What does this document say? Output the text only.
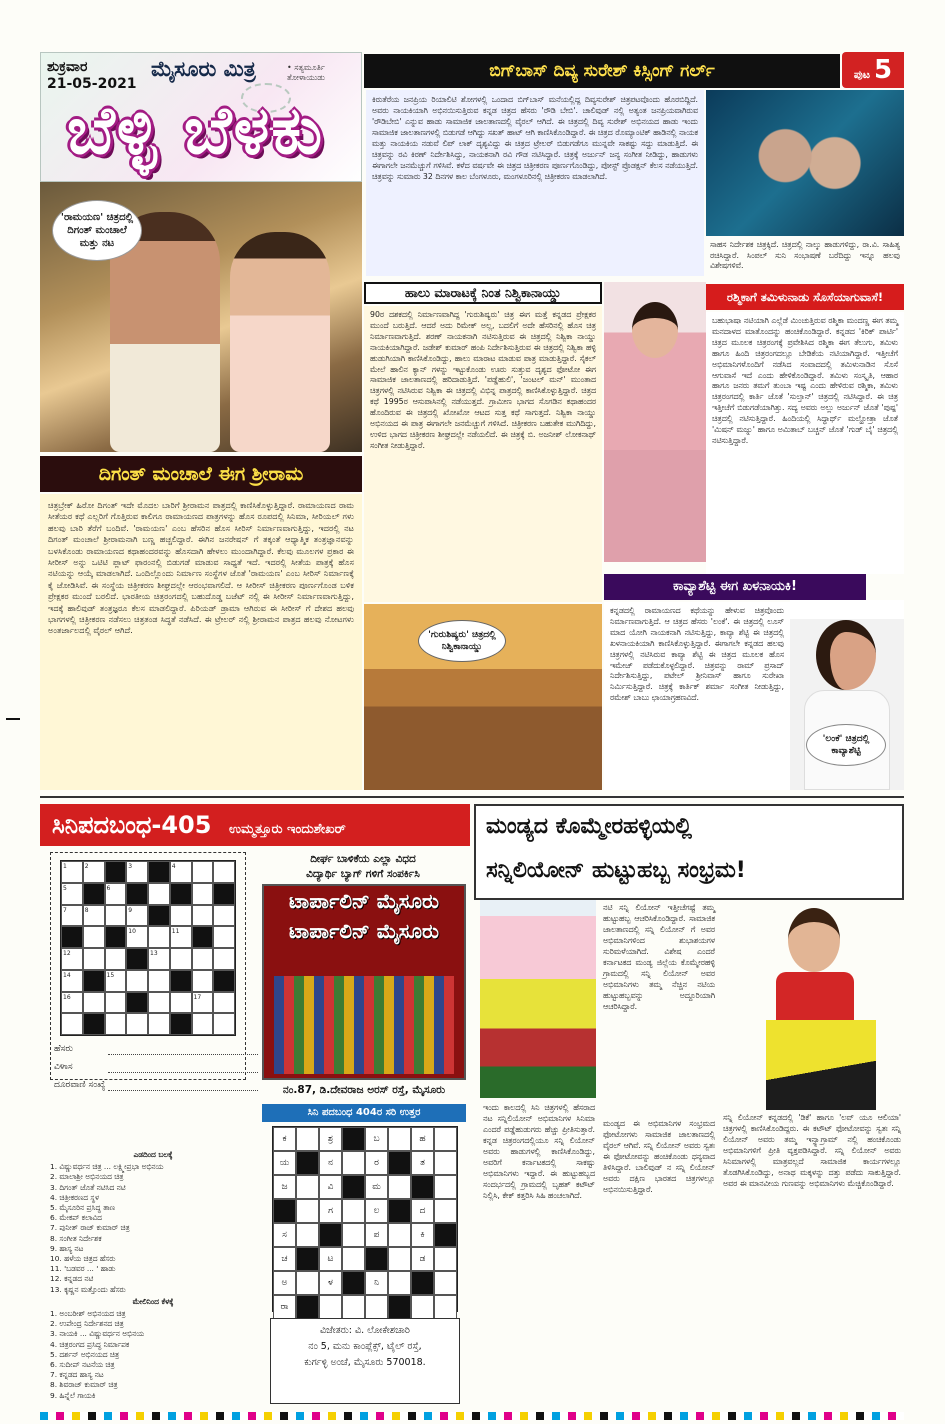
ಶುಕ್ರವಾರ
21-05-2021
ಮೈಸೂರು ಮಿತ್ರ	• ಸತ್ಯಮೂರ್ತಿ ತೋಳಾಯುಡು
ಬೆಳ್ಳಿ ಬೆಳಕು
'ರಾಮಯಣ' ಚಿತ್ರದಲ್ಲಿ ದಿಗಂತ್ ಮಂಚಾಲೆ ಮತ್ತು ನಟ
ದಿಗಂತ್ ಮಂಚಾಲೆ ಈಗ ಶ್ರೀರಾಮ
ಚಿತ್ರಬ್ರೇಕ್ ಹಿರೋ ದಿಗಂತ್ ಇದೇ ಮೊದಲ ಬಾರಿಗೆ ಶ್ರೀರಾಮನ ಪಾತ್ರದಲ್ಲಿ ಕಾಣಿಸಿಕೊಳ್ಳುತ್ತಿದ್ದಾರೆ. ರಾಮಾಯಣದ ರಾಮ ಸೀತೆಯರ ಕಥೆ ಎಲ್ಲರಿಗೆ ಗೊತ್ತಿರುವ ಕಾಲಿಗೂ ರಾಮಾಯಣದ ಪಾತ್ರಗಳನ್ನು ಹೊಸ ರೂಪದಲ್ಲಿ ಸಿನಿಮಾ, ಸೀರಿಯಲ್ ಗಳು ಹಲವು ಬಾರಿ ತೆರೆಗೆ ಬಂದಿವೆ. 'ರಾಮಯಣ' ಎಂಬ ಹೆಸರಿನ ಹೊಸ ಸೀರಿಸ್ ನಿರ್ಮಾಣವಾಗುತ್ತಿದ್ದು, ಇದರಲ್ಲಿ ನಟ ದಿಗಂತ್ ಮಂಚಾಲೆ ಶ್ರೀರಾಮನಾಗಿ ಬಣ್ಣ ಹಚ್ಚಲಿದ್ದಾರೆ. ಈಗಿನ ಜನರೇಷನ್ ಗೆ ತಕ್ಕಂತೆ ಆಧ್ಯಾತ್ಮಿಕ ತಂತ್ರಜ್ಞಾನವನ್ನು ಬಳಸಿಕೊಂಡು ರಾಮಾಯಣದ ಕಥಾಹಂದರವನ್ನು ಹೊಸದಾಗಿ ಹೇಳಲು ಮುಂದಾಗಿದ್ದಾರೆ. ಕೆಲವು ಮೂಲಗಳ ಪ್ರಕಾರ ಈ ಸೀರೀಸ್ ಅನ್ನು ಒಟಿಟಿ ಪ್ಲಾಟ್ ಫಾರಂನಲ್ಲಿ ಬಿಡುಗಡೆ ಮಾಡುವ ಸಾಧ್ಯತೆ ಇದೆ. ಇದರಲ್ಲಿ ಸೀತೆಯ ಪಾತ್ರಕ್ಕೆ ಹೊಸ ನಟಿಯನ್ನು ಆಯ್ಕೆ ಮಾಡಲಾಗಿದೆ. ಒಂದಿಲ್ಲೊಂದು ನಿರ್ಮಾಣ ಸಂಸ್ಥೆಗಳ ಜೊತೆ 'ರಾಮಯಣ' ಎಂಬ ಸೀರಿಸ್ ನಿರ್ಮಾಣಕ್ಕೆ ಕೈ ಜೋಡಿಸಿವೆ. ಈ ಸಂಸ್ಥೆಯ ಚಿತ್ರೀಕರಣ ಶೀಘ್ರದಲ್ಲೇ ಆರಂಭವಾಗಲಿದೆ. ಆ ಸೀರೀಸ್ ಚಿತ್ರೀಕರಣ ಪೂರ್ಣಗೊಂಡ ಬಳಿಕ ಪ್ರೇಕ್ಷಕರ ಮುಂದೆ ಬರಲಿದೆ. ಭಾರತೀಯ ಚಿತ್ರರಂಗದಲ್ಲಿ ಬಹುದೊಡ್ಡ ಬಜೆಟ್ ನಲ್ಲಿ ಈ ಸೀರೀಸ್ ನಿರ್ಮಾಣವಾಗುತ್ತಿದ್ದು, ಇದಕ್ಕೆ ಹಾಲಿವುಡ್ ತಂತ್ರಜ್ಞರೂ ಕೆಲಸ ಮಾಡಲಿದ್ದಾರೆ. ಪಿರಿಯಡ್ ಡ್ರಾಮಾ ಆಗಿರುವ ಈ ಸೀರೀಸ್ ಗೆ ದೇಶದ ಹಲವು ಭಾಗಗಳಲ್ಲಿ ಚಿತ್ರೀಕರಣ ನಡೆಸಲು ಚಿತ್ರತಂಡ ಸಿದ್ಧತೆ ನಡೆಸಿದೆ. ಈ ಟ್ರೇಲರ್ ನಲ್ಲಿ ಶ್ರೀರಾಮನ ಪಾತ್ರದ ಹಲವು ನೋಟಗಳು ಅಂತರ್ಜಾಲದಲ್ಲಿ ವೈರಲ್ ಆಗಿದೆ.
ಬಿಗ್‌ಬಾಸ್ ದಿವ್ಯ ಸುರೇಶ್ ಕಿಸ್ಸಿಂಗ್ ಗರ್ಲ್	ಪುಟ 5
ಕಿರುತೆರೆಯ ಜನಪ್ರಿಯ ರಿಯಾಲಿಟಿ ಶೋಗಳಲ್ಲಿ ಒಂದಾದ ಬಿಗ್‌ಬಾಸ್ ಮನೆಯಲ್ಲಿದ್ದ ದಿವ್ಯಸುರೇಶ್ ಚಿತ್ರಪಟವೊಂದು ಹೊರಬಿದ್ದಿದೆ. ಅವರು ನಾಯಕಿಯಾಗಿ ಅಭಿನಯಿಸುತ್ತಿರುವ ಕನ್ನಡ ಚಿತ್ರದ ಹೆಸರು 'ರೌಡಿ ಬೇಬಿ'. ಚಾಲಿವುಡ್ ನಲ್ಲಿ ಅತ್ಯಂತ ಜನಪ್ರಿಯವಾಗಿರುವ 'ರೌಡಿಬೇಬಿ' ಎನ್ನುವ ಹಾಡು ಸಾಮಾಜಿಕ ಜಾಲತಾಣದಲ್ಲಿ ವೈರಲ್ ಆಗಿದೆ. ಈ ಚಿತ್ರದಲ್ಲಿ ದಿವ್ಯ ಸುರೇಶ್ ಅಭಿನಯದ ಹಾಡು ಇಂದು ಸಾಮಾಜಿಕ ಜಾಲತಾಣಗಳಲ್ಲಿ ಬಿಡುಗಡೆ ಆಗಿದ್ದು ಸಖತ್ ಹಾಟ್ ಆಗಿ ಕಾಣಿಸಿಕೊಂಡಿದ್ದಾರೆ. ಈ ಚಿತ್ರದ ರೊಮ್ಯಾಂಟಿಕ್ ಹಾಡಿನಲ್ಲಿ ನಾಯಕ ಮತ್ತು ನಾಯಕಿಯ ನಡುವೆ ಲಿಪ್ ಲಾಕ್ ದೃಶ್ಯವಿದ್ದು ಈ ಚಿತ್ರದ ಟ್ರೇಲರ್ ಬಿಡುಗಡೆಗೂ ಮುನ್ನವೇ ಸಾಕಷ್ಟು ಸದ್ದು ಮಾಡುತ್ತಿದೆ. ಈ ಚಿತ್ರವನ್ನು ರವಿ ಕಿರಣ್ ನಿರ್ದೇಶಿಸಿದ್ದು, ನಾಯಕನಾಗಿ ರವಿ ಗೌಡ ನಟಿಸಿದ್ದಾರೆ. ಚಿತ್ರಕ್ಕೆ ಅರ್ಜುನ್ ಜನ್ಯ ಸಂಗೀತ ನೀಡಿದ್ದು, ಹಾಡುಗಳು ಈಗಾಗಲೇ ಜನಮೆಚ್ಚುಗೆ ಗಳಿಸಿವೆ. ಕಳೆದ ವರ್ಷವೇ ಈ ಚಿತ್ರದ ಚಿತ್ರೀಕರಣ ಪೂರ್ಣಗೊಂಡಿದ್ದು, ಪೋಸ್ಟ್ ಪ್ರೊಡಕ್ಷನ್ ಕೆಲಸ ನಡೆಯುತ್ತಿದೆ. ಚಿತ್ರವನ್ನು ಸುಮಾರು 32 ದಿನಗಳ ಕಾಲ ಬೆಂಗಳೂರು, ಮಂಗಳೂರಿನಲ್ಲಿ ಚಿತ್ರೀಕರಣ ಮಾಡಲಾಗಿದೆ.
ಸಾಹಸ ನಿರ್ದೇಶಕ ಚಿತ್ರಕ್ಕಿದೆ. ಚಿತ್ರದಲ್ಲಿ ನಾಲ್ಕು ಹಾಡುಗಳಿದ್ದು, ರಾ.ವಿ. ಸಾಹಿತ್ಯ ರಚಿಸಿದ್ದಾರೆ. ಸಿಂಪಲ್ ಸುನಿ ಸಂಭಾಷಣೆ ಬರೆದಿದ್ದು ಇನ್ನೂ ಹಲವು ವಿಶೇಷಗಳಿವೆ.
ಹಾಲು ಮಾರಾಟಕ್ಕೆ ನಿಂತ ನಿಶ್ವಿಕಾನಾಯ್ಡು
90ರ ದಶಕದಲ್ಲಿ ನಿರ್ಮಾಣವಾಗಿದ್ದ 'ಗುರುಶಿಷ್ಯರು' ಚಿತ್ರ ಈಗ ಮತ್ತೆ ಕನ್ನಡದ ಪ್ರೇಕ್ಷಕರ ಮುಂದೆ ಬರುತ್ತಿದೆ. ಆದರೆ ಅದು ರಿಮೇಕ್ ಅಲ್ಲ, ಬದಲಿಗೆ ಅದೇ ಹೆಸರಿನಲ್ಲಿ ಹೊಸ ಚಿತ್ರ ನಿರ್ಮಾಣವಾಗುತ್ತಿದೆ. ಶರಣ್ ನಾಯಕನಾಗಿ ನಟಿಸುತ್ತಿರುವ ಈ ಚಿತ್ರದಲ್ಲಿ ನಿಶ್ವಿಕಾ ನಾಯ್ಡು ನಾಯಕಿಯಾಗಿದ್ದಾರೆ. ಜಡೇಶ್ ಕುಮಾರ್ ಹಂಪಿ ನಿರ್ದೇಶಿಸುತ್ತಿರುವ ಈ ಚಿತ್ರದಲ್ಲಿ ನಿಶ್ವಿಕಾ ಹಳ್ಳಿ ಹುಡುಗಿಯಾಗಿ ಕಾಣಿಸಿಕೊಂಡಿದ್ದು, ಹಾಲು ಮಾರಾಟ ಮಾಡುವ ಪಾತ್ರ ಮಾಡುತ್ತಿದ್ದಾರೆ. ಸೈಕಲ್ ಮೇಲೆ ಹಾಲಿನ ಕ್ಯಾನ್ ಗಳನ್ನು ಇಟ್ಟುಕೊಂಡು ಊರು ಸುತ್ತುವ ದೃಶ್ಯದ ಫೋಟೋ ಈಗ ಸಾಮಾಜಿಕ ಜಾಲತಾಣದಲ್ಲಿ ಹರಿದಾಡುತ್ತಿದೆ. 'ಪಡ್ಡೆಹುಲಿ', 'ಜಂಟಲ್ ಮನ್' ಮುಂತಾದ ಚಿತ್ರಗಳಲ್ಲಿ ನಟಿಸಿರುವ ನಿಶ್ವಿಕಾ ಈ ಚಿತ್ರದಲ್ಲಿ ವಿಭಿನ್ನ ಪಾತ್ರದಲ್ಲಿ ಕಾಣಿಸಿಕೊಳ್ಳುತ್ತಿದ್ದಾರೆ. ಚಿತ್ರದ ಕಥೆ 1995ರ ಆಸುಪಾಸಿನಲ್ಲಿ ನಡೆಯುತ್ತದೆ. ಗ್ರಾಮೀಣ ಭಾಗದ ಸೊಗಡಿನ ಕಥಾಹಂದರ ಹೊಂದಿರುವ ಈ ಚಿತ್ರದಲ್ಲಿ ಖೋಖೋ ಆಟದ ಸುತ್ತ ಕಥೆ ಸಾಗುತ್ತದೆ. ನಿಶ್ವಿಕಾ ನಾಯ್ಡು ಅಭಿನಯದ ಈ ಪಾತ್ರ ಈಗಾಗಲೇ ಜನಮೆಚ್ಚುಗೆ ಗಳಿಸಿದೆ. ಚಿತ್ರೀಕರಣ ಬಹುತೇಕ ಮುಗಿದಿದ್ದು, ಉಳಿದ ಭಾಗದ ಚಿತ್ರೀಕರಣ ಶೀಘ್ರದಲ್ಲೇ ನಡೆಯಲಿದೆ. ಈ ಚಿತ್ರಕ್ಕೆ ಬಿ. ಅಜನೀಶ್ ಲೋಕನಾಥ್ ಸಂಗೀತ ನೀಡುತ್ತಿದ್ದಾರೆ.
'ಗುರುಶಿಷ್ಯರು' ಚಿತ್ರದಲ್ಲಿ ನಿಶ್ವಿಕಾನಾಯ್ಡು
ರಶ್ಮಿಕಾಗೆ ತಮಿಳುನಾಡು ಸೊಸೆಯಾಗುವಾಸೆ!
ಬಹುಭಾಷಾ ನಟಿಯಾಗಿ ಎಲ್ಲೆಡೆ ಮಿಂಚುತ್ತಿರುವ ರಶ್ಮಿಕಾ ಮಂದಣ್ಣ ಈಗ ತಮ್ಮ ಮನದಾಳದ ಮಾತೊಂದನ್ನು ಹಂಚಿಕೊಂಡಿದ್ದಾರೆ. ಕನ್ನಡದ 'ಕಿರಿಕ್ ಪಾರ್ಟಿ' ಚಿತ್ರದ ಮೂಲಕ ಚಿತ್ರರಂಗಕ್ಕೆ ಪ್ರವೇಶಿಸಿದ ರಶ್ಮಿಕಾ ಈಗ ತೆಲುಗು, ತಮಿಳು ಹಾಗೂ ಹಿಂದಿ ಚಿತ್ರರಂಗದಲ್ಲೂ ಬೇಡಿಕೆಯ ನಟಿಯಾಗಿದ್ದಾರೆ. ಇತ್ತೀಚೆಗೆ ಅಭಿಮಾನಿಗಳೊಂದಿಗೆ ನಡೆಸಿದ ಸಂವಾದದಲ್ಲಿ ತಮಿಳುನಾಡಿನ ಸೊಸೆ ಆಗುವಾಸೆ ಇದೆ ಎಂದು ಹೇಳಿಕೊಂಡಿದ್ದಾರೆ. ತಮಿಳು ಸಂಸ್ಕೃತಿ, ಆಹಾರ ಹಾಗೂ ಜನರು ತಮಗೆ ತುಂಬಾ ಇಷ್ಟ ಎಂದು ಹೇಳಿರುವ ರಶ್ಮಿಕಾ, ತಮಿಳು ಚಿತ್ರರಂಗದಲ್ಲಿ ಕಾರ್ತಿ ಜೊತೆ 'ಸುಲ್ತಾನ್' ಚಿತ್ರದಲ್ಲಿ ನಟಿಸಿದ್ದಾರೆ. ಈ ಚಿತ್ರ ಇತ್ತೀಚೆಗೆ ಬಿಡುಗಡೆಯಾಗಿತ್ತು. ಸದ್ಯ ಅವರು ಅಲ್ಲು ಅರ್ಜುನ್ ಜೊತೆ 'ಪುಷ್ಪ' ಚಿತ್ರದಲ್ಲಿ ನಟಿಸುತ್ತಿದ್ದಾರೆ. ಹಿಂದಿಯಲ್ಲಿ ಸಿದ್ಧಾರ್ಥ್ ಮಲ್ಹೋತ್ರಾ ಜೊತೆ 'ಮಿಷನ್ ಮಜ್ನು' ಹಾಗೂ ಅಮಿತಾಬ್ ಬಚ್ಚನ್ ಜೊತೆ 'ಗುಡ್ ಬೈ' ಚಿತ್ರದಲ್ಲಿ ನಟಿಸುತ್ತಿದ್ದಾರೆ.
ಕಾವ್ಯಾಶೆಟ್ಟಿ ಈಗ ಖಳನಾಯಕಿ!
ಕನ್ನಡದಲ್ಲಿ ರಾಮಾಯಣದ ಕಥೆಯನ್ನು ಹೇಳುವ ಚಿತ್ರವೊಂದು ನಿರ್ಮಾಣವಾಗುತ್ತಿದೆ. ಆ ಚಿತ್ರದ ಹೆಸರು 'ಲಂಕೆ'. ಈ ಚಿತ್ರದಲ್ಲಿ ಲೂಸ್ ಮಾದ ಯೋಗಿ ನಾಯಕನಾಗಿ ನಟಿಸುತ್ತಿದ್ದು, ಕಾವ್ಯಾ ಶೆಟ್ಟಿ ಈ ಚಿತ್ರದಲ್ಲಿ ಖಳನಾಯಕಿಯಾಗಿ ಕಾಣಿಸಿಕೊಳ್ಳುತ್ತಿದ್ದಾರೆ. ಈಗಾಗಲೇ ಕನ್ನಡದ ಹಲವು ಚಿತ್ರಗಳಲ್ಲಿ ನಟಿಸಿರುವ ಕಾವ್ಯಾ ಶೆಟ್ಟಿ ಈ ಚಿತ್ರದ ಮೂಲಕ ಹೊಸ ಇಮೇಜ್ ಪಡೆದುಕೊಳ್ಳಲಿದ್ದಾರೆ. ಚಿತ್ರವನ್ನು ರಾಮ್ ಪ್ರಸಾದ್ ನಿರ್ದೇಶಿಸುತ್ತಿದ್ದು, ಪಟೇಲ್ ಶ್ರೀನಿವಾಸ್ ಹಾಗೂ ಸುರೇಖಾ ನಿರ್ಮಿಸುತ್ತಿದ್ದಾರೆ. ಚಿತ್ರಕ್ಕೆ ಕಾರ್ತಿಕ್ ಶರ್ಮಾ ಸಂಗೀತ ನೀಡುತ್ತಿದ್ದು, ರಮೇಶ್ ಬಾಬು ಛಾಯಾಗ್ರಹಣವಿದೆ.
'ಲಂಕೆ' ಚಿತ್ರದಲ್ಲಿ ಕಾವ್ಯಾಶೆಟ್ಟಿ
ಸಿನಿಪದಬಂಧ-405 ಉಮ್ಮತ್ತೂರು ಇಂದುಶೇಖರ್
1	2	3	4
5	6
7	8	9
10	11
12	13
14	15
16	17
ಹೆಸರು
ವಿಳಾಸ
ದೂರವಾಣಿ ಸಂಖ್ಯೆ
ಎಡದಿಂದ ಬಲಕ್ಕೆ
1. ವಿಷ್ಣುವರ್ಧನ ಚಿತ್ರ ... ಲಕ್ಷ್ಮೀಪ್ರಭಾ ಅಭಿನಯ
2. ಮಾಲಾಶ್ರೀ ಅಭಿನಯದ ಚಿತ್ರ
3. ದಿಗಂತ್ ಜೊತೆ ನಟಿಸಿದ ನಟಿ
4. ಚಿತ್ರೀಕರಣದ ಸ್ಥಳ
5. ಮೈಸೂರಿನ ಪ್ರಸಿದ್ಧ ತಾಣ
6. ಮೇಕಪ್ ಕಲಾವಿದ
7. ಪುನೀತ್ ರಾಜ್ ಕುಮಾರ್ ಚಿತ್ರ
8. ಸಂಗೀತ ನಿರ್ದೇಶಕ
9. ಹಾಸ್ಯ ನಟ
10. ಹಳೆಯ ಚಿತ್ರದ ಹೆಸರು
11. 'ಬಡವರ ... ' ಹಾಡು
12. ಕನ್ನಡದ ನಟಿ
13. ಕೃಷ್ಣನ ಮತ್ತೊಂದು ಹೆಸರು
ಮೇಲಿನಿಂದ ಕೆಳಕ್ಕೆ
1. ಅಂಬರೀಶ್ ಅಭಿನಯದ ಚಿತ್ರ
2. ಉಪೇಂದ್ರ ನಿರ್ದೇಶನದ ಚಿತ್ರ
3. ನಾಯಕಿ ... ವಿಷ್ಣುವರ್ಧನ ಅಭಿನಯ
4. ಚಿತ್ರರಂಗದ ಪ್ರಸಿದ್ಧ ನಿರ್ಮಾಪಕ
5. ದರ್ಶನ್ ಅಭಿನಯದ ಚಿತ್ರ
6. ಸುದೀಪ್ ನಟನೆಯ ಚಿತ್ರ
7. ಕನ್ನಡದ ಹಾಸ್ಯ ನಟ
8. ಶಿವರಾಜ್ ಕುಮಾರ್ ಚಿತ್ರ
9. ಹಿನ್ನೆಲೆ ಗಾಯಕಿ
ದೀರ್ಘ ಬಾಳಿಕೆಯ ಎಲ್ಲಾ ವಿಧದ
ವಿದ್ಯಾರ್ಥಿ ಬ್ಯಾಗ್ ಗಳಿಗೆ ಸಂಪರ್ಕಿಸಿ
ಟಾರ್ಪಾಲಿನ್ ಮೈಸೂರು
ಟಾರ್ಪಾಲಿನ್ ಮೈಸೂರು
ನಂ.87, ಡಿ.ದೇವರಾಜ ಅರಸ್ ರಸ್ತೆ, ಮೈಸೂರು
ಸಿನಿ ಪದಬಂಧ 404ರ ಸರಿ ಉತ್ತರ
ಕ	ಶ್ರ	ಬ	ಹ
ಯ	ನ	ರ	ತ
ಜ	ವಿ	ಮ
ಗ	ಲ	ದ
ಸ	ಪ	ಕಿ
ಚ	ಟ	ಡ
ಅ	ಳ	ನಿ
ರಾ
ವಿಜೇತರು: ವಿ. ಲೋಕೇಶಚಾರಿ
ನಂ 5, ಮನು ಕಾಂಪ್ಲೆಕ್ಸ್, ಟೈಲ್ ರಸ್ತೆ,
ಕುರ್ಗಳ್ಳಿ ಅಂಚೆ, ಮೈಸೂರು 570018.
ಮಂಡ್ಯದ ಕೊಮ್ಮೇರಹಳ್ಳಿಯಲ್ಲಿ
ಸನ್ನಿಲಿಯೋನ್ ಹುಟ್ಟುಹಬ್ಬ ಸಂಭ್ರಮ!
ನಟಿ ಸನ್ನಿ ಲಿಯೋನ್ ಇತ್ತೀಚೆಗಷ್ಟೆ ತಮ್ಮ ಹುಟ್ಟುಹಬ್ಬ ಆಚರಿಸಿಕೊಂಡಿದ್ದಾರೆ. ಸಾಮಾಜಿಕ ಜಾಲತಾಣದಲ್ಲಿ ಸನ್ನಿ ಲಿಯೋನ್ ಗೆ ಅವರ ಅಭಿಮಾನಿಗಳಿಂದ ಶುಭಾಶಯಗಳ ಸುರಿಮಳೆಯಾಗಿದೆ. ವಿಶೇಷ ಎಂದರೆ ಕರ್ನಾಟಕದ ಮಂಡ್ಯ ಜಿಲ್ಲೆಯ ಕೊಮ್ಮೇರಹಳ್ಳಿ ಗ್ರಾಮದಲ್ಲಿ ಸನ್ನಿ ಲಿಯೋನ್ ಅವರ ಅಭಿಮಾನಿಗಳು ತಮ್ಮ ನೆಚ್ಚಿನ ನಟಿಯ ಹುಟ್ಟುಹಬ್ಬವನ್ನು ಅದ್ದೂರಿಯಾಗಿ ಆಚರಿಸಿದ್ದಾರೆ.
ಇಂದು ಕಾಲದಲ್ಲಿ ಸಿನಿ ಚಿತ್ರಗಳಲ್ಲಿ ಹೆಸರಾದ ನಟ ಸನ್ನಿಲಿಯೋನ್ ಅಭಿಮಾನಿಗಳ ಸಿನಿಮಾ ಎಂದರೆ ಪಡ್ಡೆಹುಡುಗರು ಹೆಚ್ಚು ಪ್ರೀತಿಸುತ್ತಾರೆ. ಕನ್ನಡ ಚಿತ್ರರಂಗದಲ್ಲಿಯೂ ಸನ್ನಿ ಲಿಯೋನ್ ಅವರು ಹಾಡುಗಳಲ್ಲಿ ಕಾಣಿಸಿಕೊಂಡಿದ್ದು, ಅವರಿಗೆ ಕರ್ನಾಟಕದಲ್ಲಿ ಸಾಕಷ್ಟು ಅಭಿಮಾನಿಗಳು ಇದ್ದಾರೆ. ಈ ಹುಟ್ಟುಹಬ್ಬದ ಸಂದರ್ಭದಲ್ಲಿ ಗ್ರಾಮದಲ್ಲಿ ಬೃಹತ್ ಕಟೌಟ್ ನಿಲ್ಲಿಸಿ, ಕೇಕ್ ಕತ್ತರಿಸಿ ಸಿಹಿ ಹಂಚಲಾಗಿದೆ.
ಮಂಡ್ಯದ ಈ ಅಭಿಮಾನಿಗಳ ಸಂಭ್ರಮದ ಫೋಟೋಗಳು ಸಾಮಾಜಿಕ ಜಾಲತಾಣದಲ್ಲಿ ವೈರಲ್ ಆಗಿವೆ. ಸನ್ನಿ ಲಿಯೋನ್ ಅವರು ಸ್ವತಃ ಈ ಫೋಟೋವನ್ನು ಹಂಚಿಕೊಂಡು ಧನ್ಯವಾದ ತಿಳಿಸಿದ್ದಾರೆ. ಬಾಲಿವುಡ್ ನ ಸನ್ನಿ ಲಿಯೋನ್ ಅವರು ದಕ್ಷಿಣ ಭಾರತದ ಚಿತ್ರಗಳಲ್ಲೂ ಅಭಿನಯಿಸುತ್ತಿದ್ದಾರೆ.
ಸನ್ನಿ ಲಿಯೋನ್ ಕನ್ನಡದಲ್ಲಿ 'ಡಿಕೆ' ಹಾಗೂ 'ಲವ್ ಯೂ ಆಲಿಯಾ' ಚಿತ್ರಗಳಲ್ಲಿ ಕಾಣಿಸಿಕೊಂಡಿದ್ದರು. ಈ ಕಟೌಟ್ ಫೋಟೋವನ್ನು ಸ್ವತಃ ಸನ್ನಿ ಲಿಯೋನ್ ಅವರು ತಮ್ಮ ಇನ್ಸ್ಟಾಗ್ರಾಮ್ ನಲ್ಲಿ ಹಂಚಿಕೊಂಡು ಅಭಿಮಾನಿಗಳಿಗೆ ಪ್ರೀತಿ ವ್ಯಕ್ತಪಡಿಸಿದ್ದಾರೆ. ಸನ್ನಿ ಲಿಯೋನ್ ಅವರು ಸಿನಿಮಾಗಳಲ್ಲಿ ಮಾತ್ರವಲ್ಲದೆ ಸಾಮಾಜಿಕ ಕಾರ್ಯಗಳಲ್ಲೂ ತೊಡಗಿಸಿಕೊಂಡಿದ್ದು, ಅನಾಥ ಮಕ್ಕಳನ್ನು ದತ್ತು ಪಡೆದು ಸಾಕುತ್ತಿದ್ದಾರೆ. ಅವರ ಈ ಮಾನವೀಯ ಗುಣವನ್ನು ಅಭಿಮಾನಿಗಳು ಮೆಚ್ಚಿಕೊಂಡಿದ್ದಾರೆ.
